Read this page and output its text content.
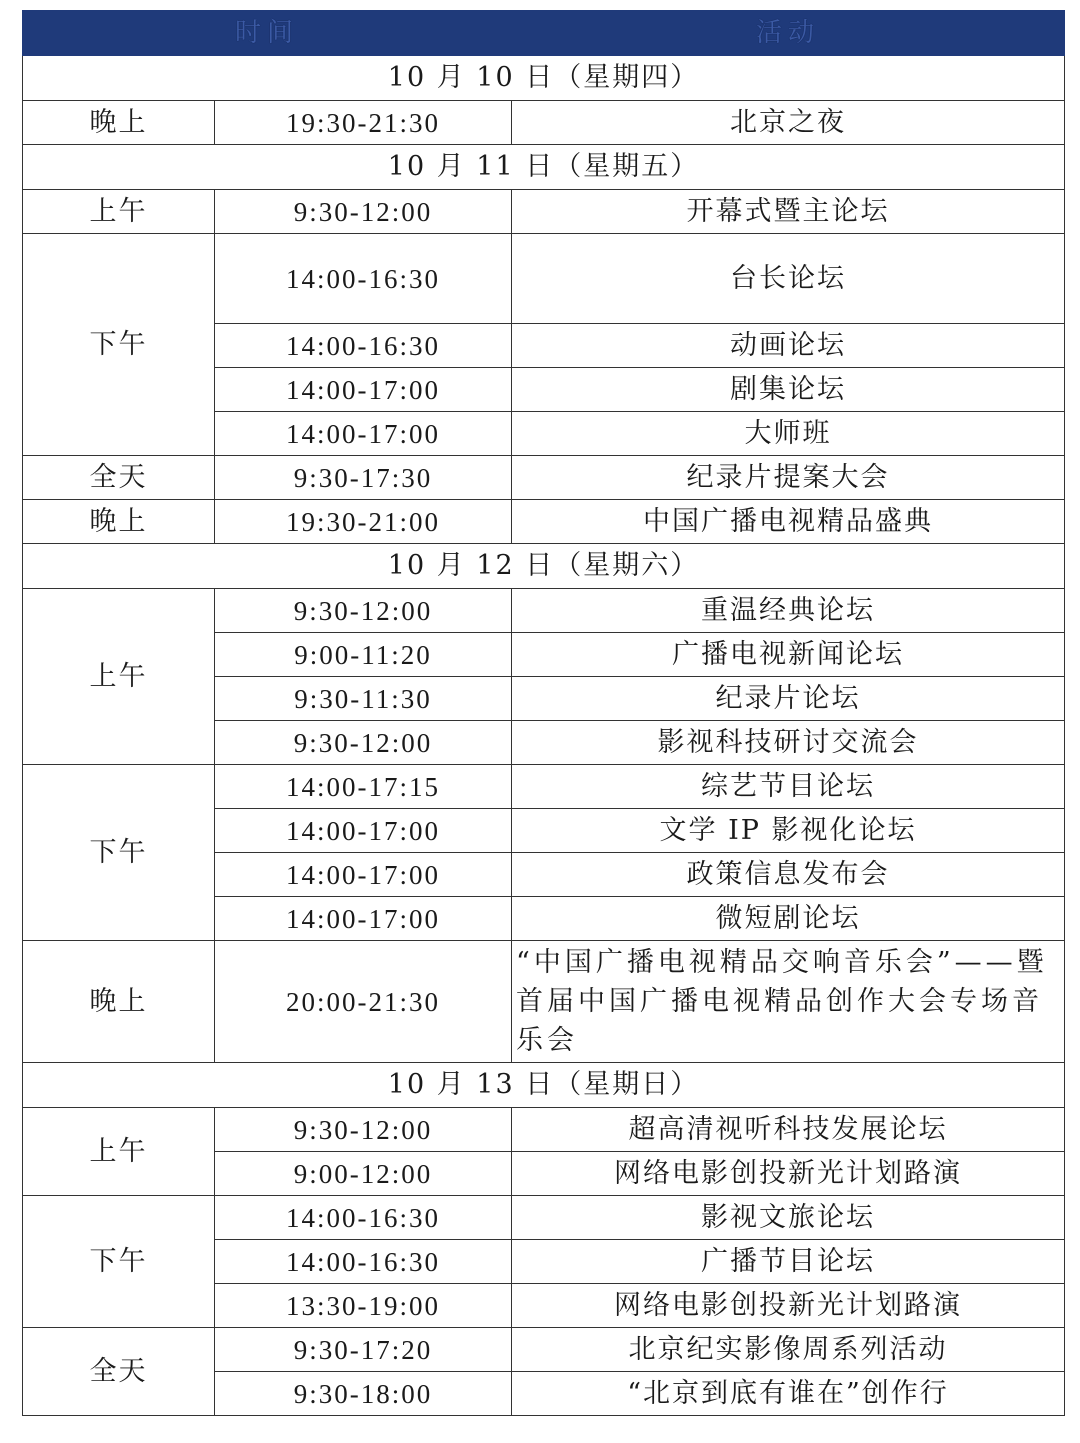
时间		活动
10 月 10 日（星期四）		
晚上	19:30-21:30	北京之夜
10 月 11 日（星期五）		
上午	9:30-12:00	开幕式暨主论坛
下午	14:00-16:30	台长论坛
	14:00-16:30	动画论坛
	14:00-17:00	剧集论坛
	14:00-17:00	大师班
全天	9:30-17:30	纪录片提案大会
晚上	19:30-21:00	中国广播电视精品盛典
10 月 12 日（星期六）		
上午	9:30-12:00	重温经典论坛
	9:00-11:20	广播电视新闻论坛
	9:30-11:30	纪录片论坛
	9:30-12:00	影视科技研讨交流会
下午	14:00-17:15	综艺节目论坛
	14:00-17:00	文学 IP 影视化论坛
	14:00-17:00	政策信息发布会
	14:00-17:00	微短剧论坛
晚上	20:00-21:30	“中国广播电视精品交响音乐会”——暨首届中国广播电视精品创作大会专场音乐会
10 月 13 日（星期日）		
上午	9:30-12:00	超高清视听科技发展论坛
	9:00-12:00	网络电影创投新光计划路演
下午	14:00-16:30	影视文旅论坛
	14:00-16:30	广播节目论坛
	13:30-19:00	网络电影创投新光计划路演
全天	9:30-17:20	北京纪实影像周系列活动
	9:30-18:00	“北京到底有谁在”创作行
